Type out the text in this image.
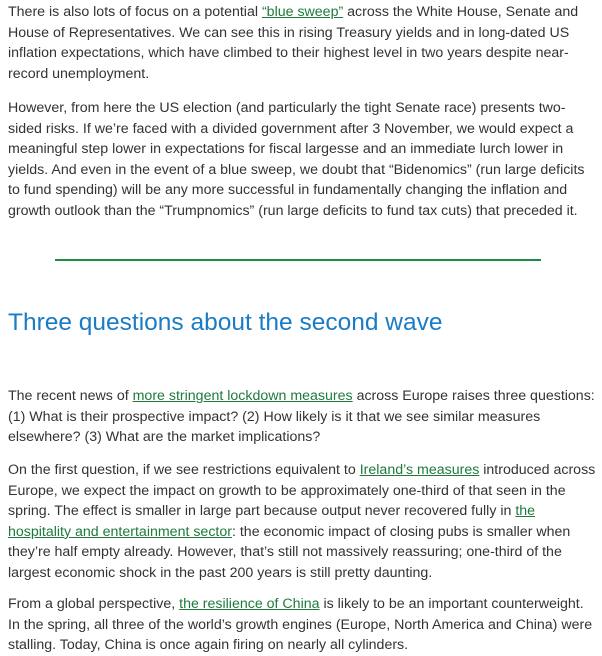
There is also lots of focus on a potential “blue sweep” across the White House, Senate and House of Representatives. We can see this in rising Treasury yields and in long-dated US inflation expectations, which have climbed to their highest level in two years despite near-record unemployment.

However, from here the US election (and particularly the tight Senate race) presents two-sided risks. If we’re faced with a divided government after 3 November, we would expect a meaningful step lower in expectations for fiscal largesse and an immediate lurch lower in yields. And even in the event of a blue sweep, we doubt that “Bidenomics” (run large deficits to fund spending) will be any more successful in fundamentally changing the inflation and growth outlook than the “Trumpnomics” (run large deficits to fund tax cuts) that preceded it.

Three questions about the second wave

The recent news of more stringent lockdown measures across Europe raises three questions: (1) What is their prospective impact? (2) How likely is it that we see similar measures elsewhere? (3) What are the market implications?

On the first question, if we see restrictions equivalent to Ireland’s measures introduced across Europe, we expect the impact on growth to be approximately one-third of that seen in the spring. The effect is smaller in large part because output never recovered fully in the hospitality and entertainment sector: the economic impact of closing pubs is smaller when they’re half empty already. However, that’s still not massively reassuring; one-third of the largest economic shock in the past 200 years is still pretty daunting.

From a global perspective, the resilience of China is likely to be an important counterweight. In the spring, all three of the world’s growth engines (Europe, North America and China) were stalling. Today, China is once again firing on nearly all cylinders.
